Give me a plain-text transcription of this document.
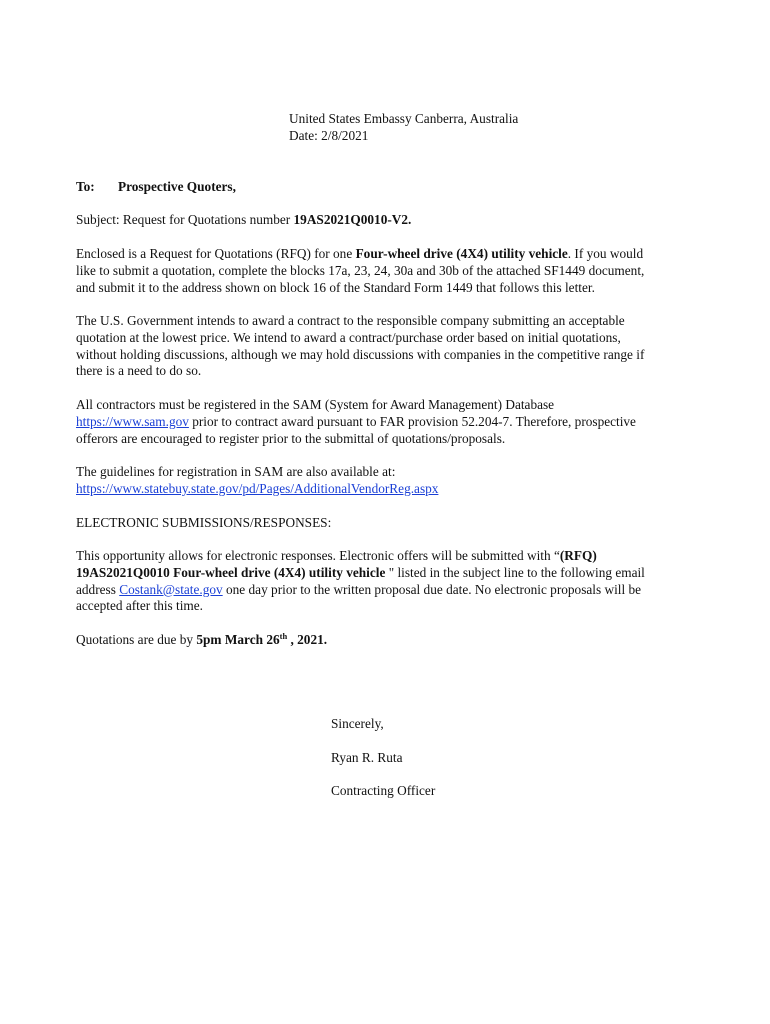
United States Embassy Canberra, Australia
Date: 2/8/2021
To: Prospective Quoters,
Subject: Request for Quotations number 19AS2021Q0010-V2.
Enclosed is a Request for Quotations (RFQ) for one Four-wheel drive (4X4) utility vehicle. If you would
like to submit a quotation, complete the blocks 17a, 23, 24, 30a and 30b of the attached SF1449 document,
and submit it to the address shown on block 16 of the Standard Form 1449 that follows this letter.
The U.S. Government intends to award a contract to the responsible company submitting an acceptable
quotation at the lowest price. We intend to award a contract/purchase order based on initial quotations,
without holding discussions, although we may hold discussions with companies in the competitive range if
there is a need to do so.
All contractors must be registered in the SAM (System for Award Management) Database
https://www.sam.gov prior to contract award pursuant to FAR provision 52.204-7. Therefore, prospective
offerors are encouraged to register prior to the submittal of quotations/proposals.
The guidelines for registration in SAM are also available at:
https://www.statebuy.state.gov/pd/Pages/AdditionalVendorReg.aspx
ELECTRONIC SUBMISSIONS/RESPONSES:
This opportunity allows for electronic responses. Electronic offers will be submitted with “(RFQ)
19AS2021Q0010 Four-wheel drive (4X4) utility vehicle " listed in the subject line to the following email
address Costank@state.gov one day prior to the written proposal due date. No electronic proposals will be
accepted after this time.
Quotations are due by 5pm March 26th , 2021.
Sincerely,
Ryan R. Ruta
Contracting Officer
